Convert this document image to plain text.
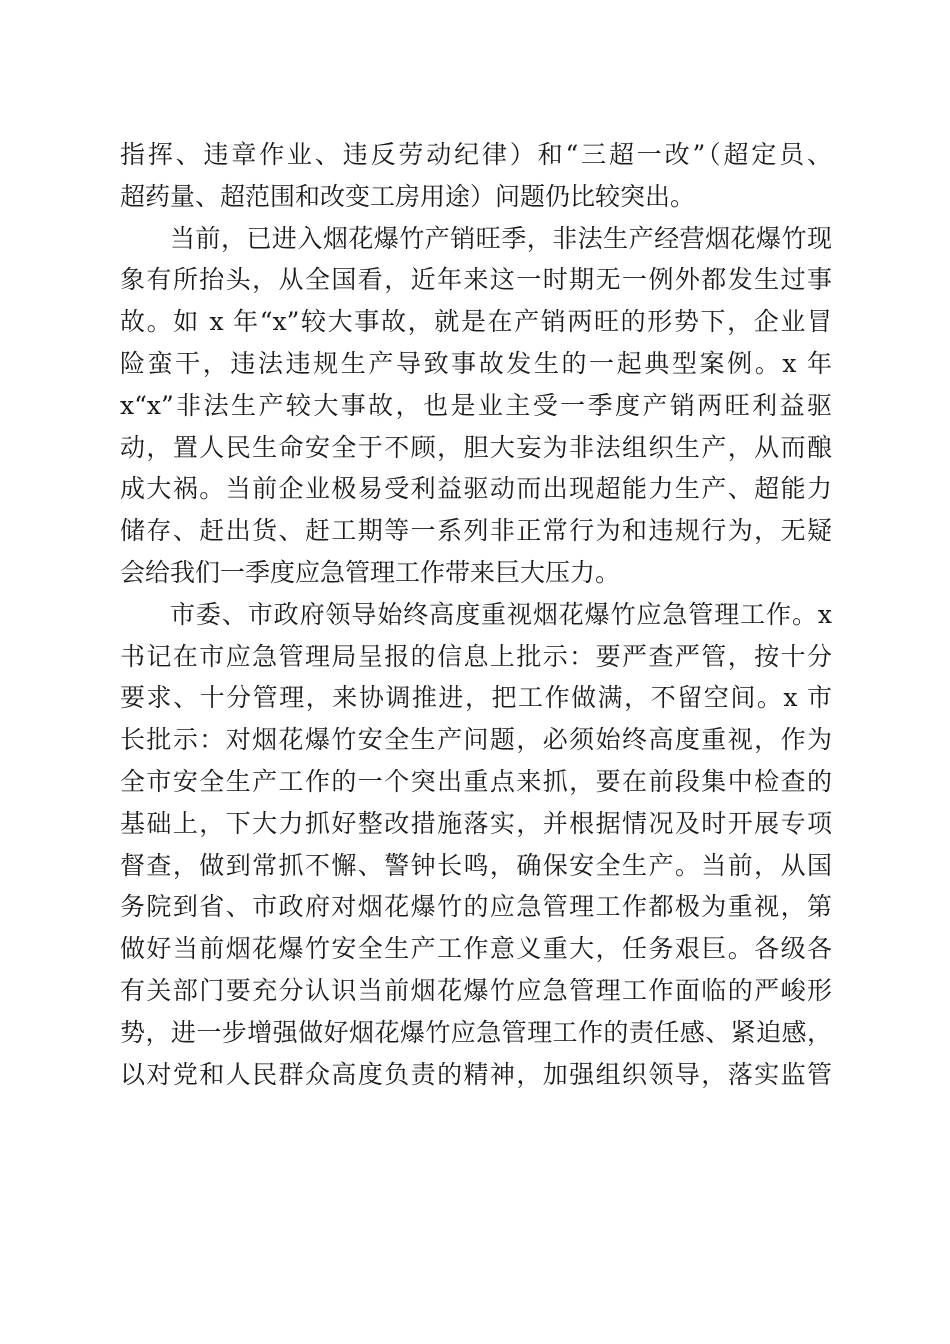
指挥、违章作业、违反劳动纪律）和“三超一改”（超定员、
超药量、超范围和改变工房用途）问题仍比较突出。
当前，已进入烟花爆竹产销旺季，非法生产经营烟花爆竹现
象有所抬头，从全国看，近年来这一时期无一例外都发生过事
故。如 x 年“x”较大事故，就是在产销两旺的形势下，企业冒
险蛮干，违法违规生产导致事故发生的一起典型案例。x 年
x“x”非法生产较大事故，也是业主受一季度产销两旺利益驱
动，置人民生命安全于不顾，胆大妄为非法组织生产，从而酿
成大祸。当前企业极易受利益驱动而出现超能力生产、超能力
储存、赶出货、赶工期等一系列非正常行为和违规行为，无疑
会给我们一季度应急管理工作带来巨大压力。
市委、市政府领导始终高度重视烟花爆竹应急管理工作。x
书记在市应急管理局呈报的信息上批示：要严查严管，按十分
要求、十分管理，来协调推进，把工作做满，不留空间。x 市
长批示：对烟花爆竹安全生产问题，必须始终高度重视，作为
全市安全生产工作的一个突出重点来抓，要在前段集中检查的
基础上，下大力抓好整改措施落实，并根据情况及时开展专项
督查，做到常抓不懈、警钟长鸣，确保安全生产。当前，从国
务院到省、市政府对烟花爆竹的应急管理工作都极为重视，第
做好当前烟花爆竹安全生产工作意义重大，任务艰巨。各级各
有关部门要充分认识当前烟花爆竹应急管理工作面临的严峻形
势，进一步增强做好烟花爆竹应急管理工作的责任感、紧迫感，
以对党和人民群众高度负责的精神，加强组织领导，落实监管
